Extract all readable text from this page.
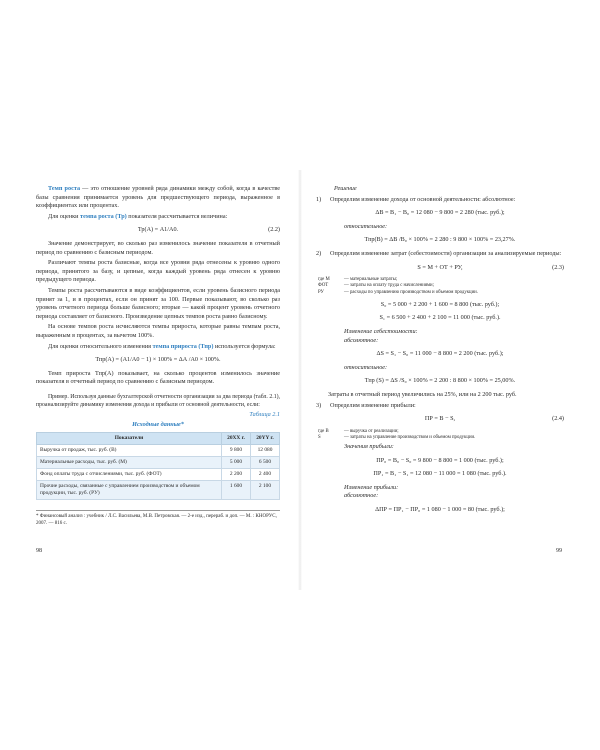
Темп роста — это отношение уровней ряда динамики между собой, когда в качестве базы сравнения принимается уровень для предшествующего периода, выраженное в коэффициентах или процентах.

Для оценки темпа роста (Тр) показателя рассчитывается величина:

Тр(А) = А1/А0.	(2.2)

Значение демонстрирует, во сколько раз изменилось значение показателя в отчетный период по сравнению с базисным периодом.

Различают темпы роста базисные, когда все уровни ряда отнесены к уровню одного периода, принятого за базу, и цепные, когда каждый уровень ряда отнесен к уровню предыдущего периода.

Темпы роста рассчитываются в виде коэффициентов, если уровень базисного периода принят за 1, и в процентах, если он принят за 100. Первые показывают, во сколько раз уровень отчетного периода больше базисного; вторые — какой процент уровень отчетного периода составляет от базисного. Произведение цепных темпов роста равно базисному.

На основе темпов роста исчисляются темпы прироста, которые равны темпам роста, выраженным в процентах, за вычетом 100%.

Для оценки относительного изменения темпа прироста (Тпр) используется формула:

Тпр(А) = (А1/А0 − 1) × 100% = ΔА /А0 × 100%.

Темп прироста Тпр(А) показывает, на сколько процентов изменилось значение показателя в отчетный период по сравнению с базисным периодом.

Пример. Используя данные бухгалтерской отчетности организации за два периода (табл. 2.1), проанализируйте динамику изменения дохода и прибыли от основной деятельности, если:

Таблица 2.1
Исходные данные*
Показатели	20ХХ г.	20YY г.
Выручка от продаж, тыс. руб. (В)	9 800	12 080
Материальные расходы, тыс. руб. (М)	5 000	6 500
Фонд оплаты труда с отчислениями, тыс. руб. (ФОТ)	2 200	2 400
Прочие расходы, связанные с управлением производством и объемом продукции, тыс. руб. (PУ)	1 600	2 100
* Финансовый анализ : учебник / Л.С. Васильева, М.В. Петровская. — 2-е изд., перераб. и доп. — М. : КНОРУС, 2007. — 816 с.
98
Решение
1)	Определим изменение дохода от основной деятельности: абсолютное:
ΔВ = В₁ − В₀ = 12 080 − 9 800 = 2 280 (тыс. руб.);
относительное:
Тпр(В) = ΔВ /В₀ × 100% = 2 280 : 9 800 × 100% = 23,27%.
2)	Определим изменение затрат (себестоимости) организации за анализируемые периоды:
S = M + ОТ + РУ,	(2.3)
где М	— материальные затраты;
ФОТ	— затраты на оплату труда с начислениями;
РУ	— расходы по управлению производством и объемом продукции.
S₀ = 5 000 + 2 200 + 1 600 = 8 800 (тыс. руб.);
S₁ = 6 500 + 2 400 + 2 100 = 11 000 (тыс. руб.).
Изменение себестоимости:
абсолютное:
ΔS = S₁ − S₀ = 11 000 − 8 800 = 2 200 (тыс. руб.);
относительное:
Тпр (S) = ΔS /S₀ × 100% = 2 200 : 8 800 × 100% = 25,00%.

Затраты в отчетный период увеличились на 25%, или на 2 200 тыс. руб.

3)	Определим изменение прибыли:
ПР = В − S,	(2.4)
где В	— выручка от реализации;
S	— затраты на управление производством и объемом продукции.
Значения прибыли:
ПР₀ = В₀ − S₀ = 9 800 − 8 800 = 1 000 (тыс. руб.);
ПР₁ = В₁ − S₁ = 12 080 − 11 000 = 1 080 (тыс. руб.).
Изменение прибыли:
абсолютное:
ΔПР = ПР₁ − ПР₀ = 1 080 − 1 000 = 80 (тыс. руб.);
99
